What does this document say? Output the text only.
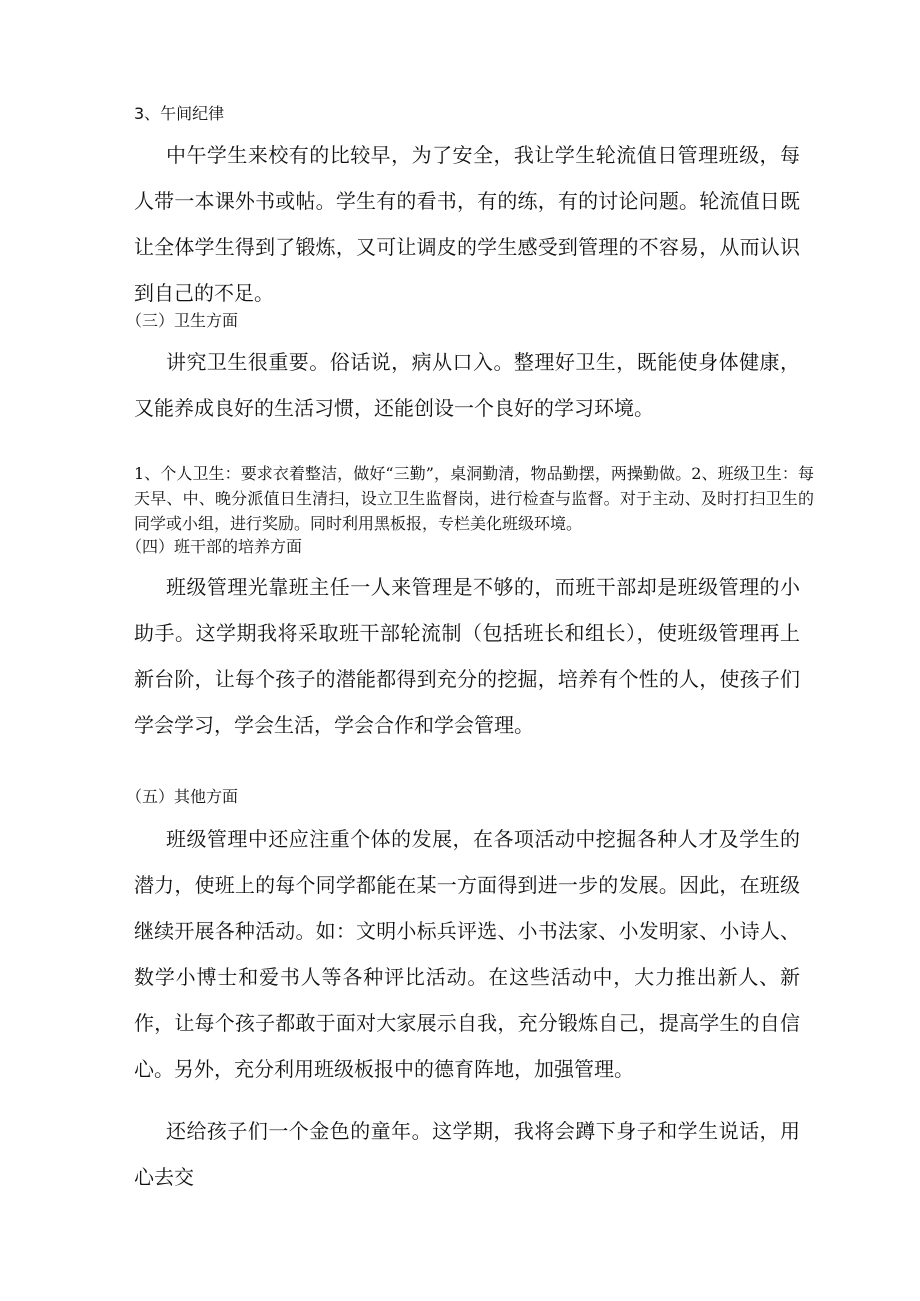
3、午间纪律

中午学生来校有的比较早，为了安全，我让学生轮流值日管理班级，每人带一本课外书或帖。学生有的看书，有的练，有的讨论问题。轮流值日既让全体学生得到了锻炼，又可让调皮的学生感受到管理的不容易，从而认识到自己的不足。

（三）卫生方面

讲究卫生很重要。俗话说，病从口入。整理好卫生，既能使身体健康，又能养成良好的生活习惯，还能创设一个良好的学习环境。

1、个人卫生：要求衣着整洁，做好“三勤”，桌洞勤清，物品勤摆，两操勤做。2、班级卫生：每天早、中、晚分派值日生清扫，设立卫生监督岗，进行检查与监督。对于主动、及时打扫卫生的同学或小组，进行奖励。同时利用黑板报，专栏美化班级环境。

（四）班干部的培养方面

班级管理光靠班主任一人来管理是不够的，而班干部却是班级管理的小助手。这学期我将采取班干部轮流制（包括班长和组长），使班级管理再上新台阶，让每个孩子的潜能都得到充分的挖掘，培养有个性的人，使孩子们学会学习，学会生活，学会合作和学会管理。

（五）其他方面

班级管理中还应注重个体的发展，在各项活动中挖掘各种人才及学生的潜力，使班上的每个同学都能在某一方面得到进一步的发展。因此，在班级继续开展各种活动。如：文明小标兵评选、小书法家、小发明家、小诗人、数学小博士和爱书人等各种评比活动。在这些活动中，大力推出新人、新作，让每个孩子都敢于面对大家展示自我，充分锻炼自己，提高学生的自信心。另外，充分利用班级板报中的德育阵地，加强管理。

还给孩子们一个金色的童年。这学期，我将会蹲下身子和学生说话，用心去交
